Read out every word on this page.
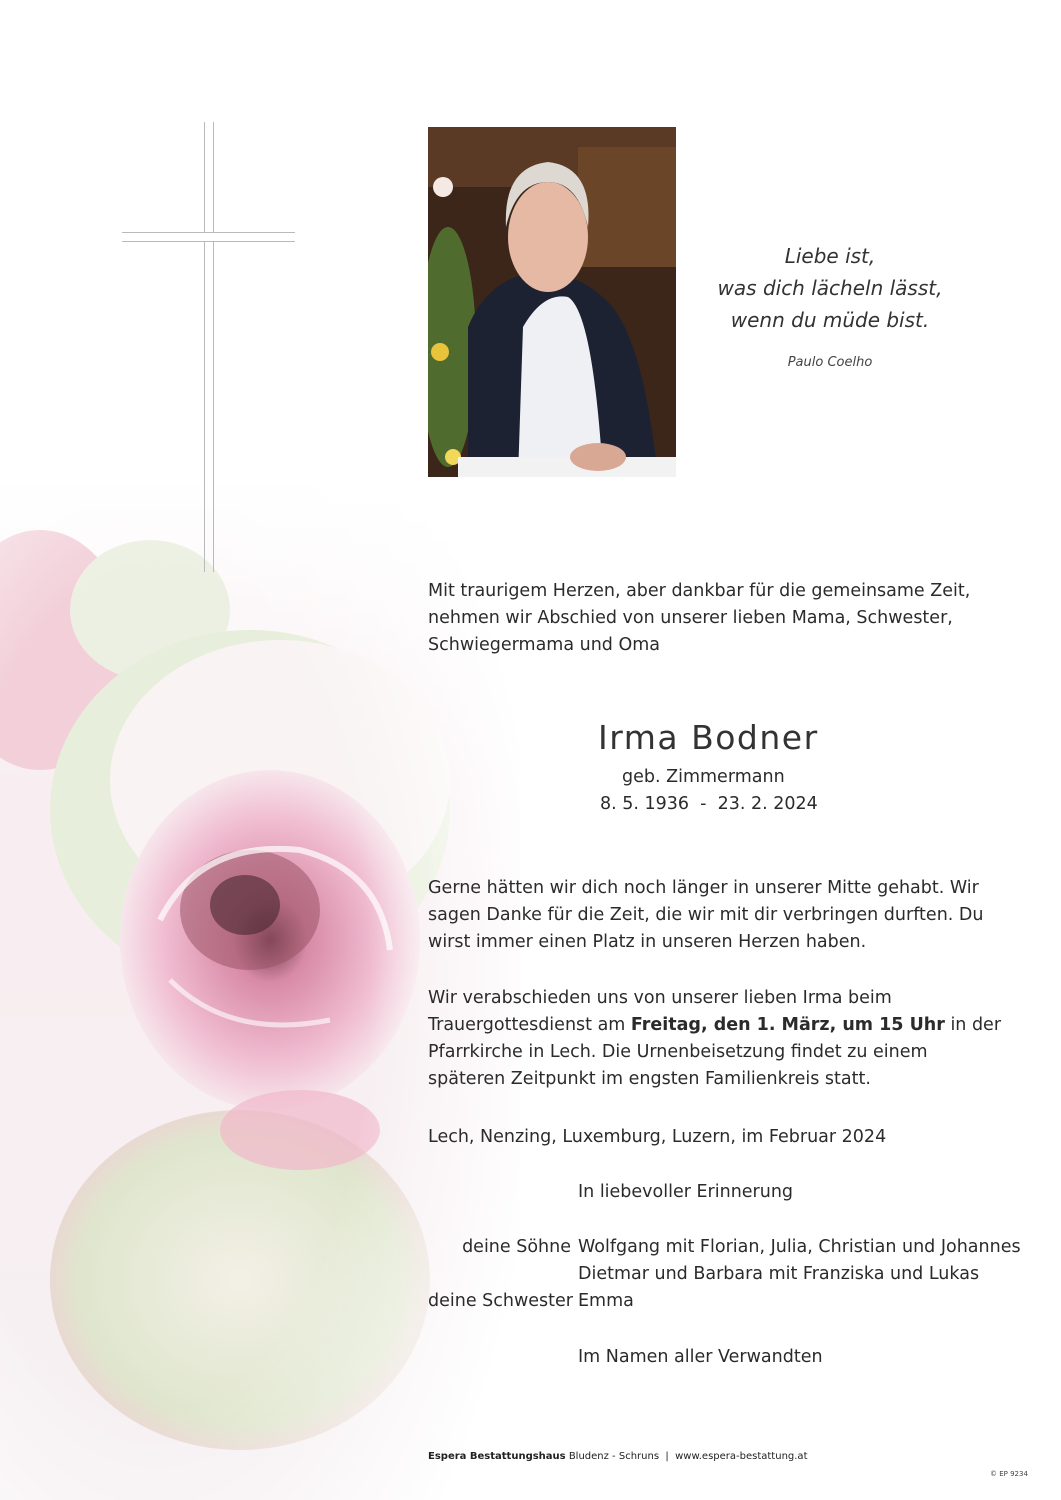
Liebe ist,
was dich lächeln lässt,
wenn du müde bist.
Paulo Coelho
Mit traurigem Herzen, aber dankbar für die gemeinsame Zeit, nehmen wir Abschied von unserer lieben Mama, Schwester, Schwiegermama und Oma
Irma Bodner
geb. Zimmermann
8. 5. 1936  -  23. 2. 2024
Gerne hätten wir dich noch länger in unserer Mitte gehabt. Wir sagen Danke für die Zeit, die wir mit dir verbringen durften. Du wirst immer einen Platz in unseren Herzen haben.
Wir verabschieden uns von unserer lieben Irma beim Trauergottesdienst am Freitag, den 1. März, um 15 Uhr in der Pfarrkirche in Lech. Die Urnenbeisetzung findet zu einem späteren Zeitpunkt im engsten Familienkreis statt.
Lech, Nenzing, Luxemburg, Luzern, im Februar 2024
In liebevoller Erinnerung
deine Söhne Wolfgang mit Florian, Julia, Christian und Johannes
Dietmar und Barbara mit Franziska und Lukas
deine Schwester Emma
Im Namen aller Verwandten
Espera Bestattungshaus Bludenz - Schruns | www.espera-bestattung.at
© EP 9234
